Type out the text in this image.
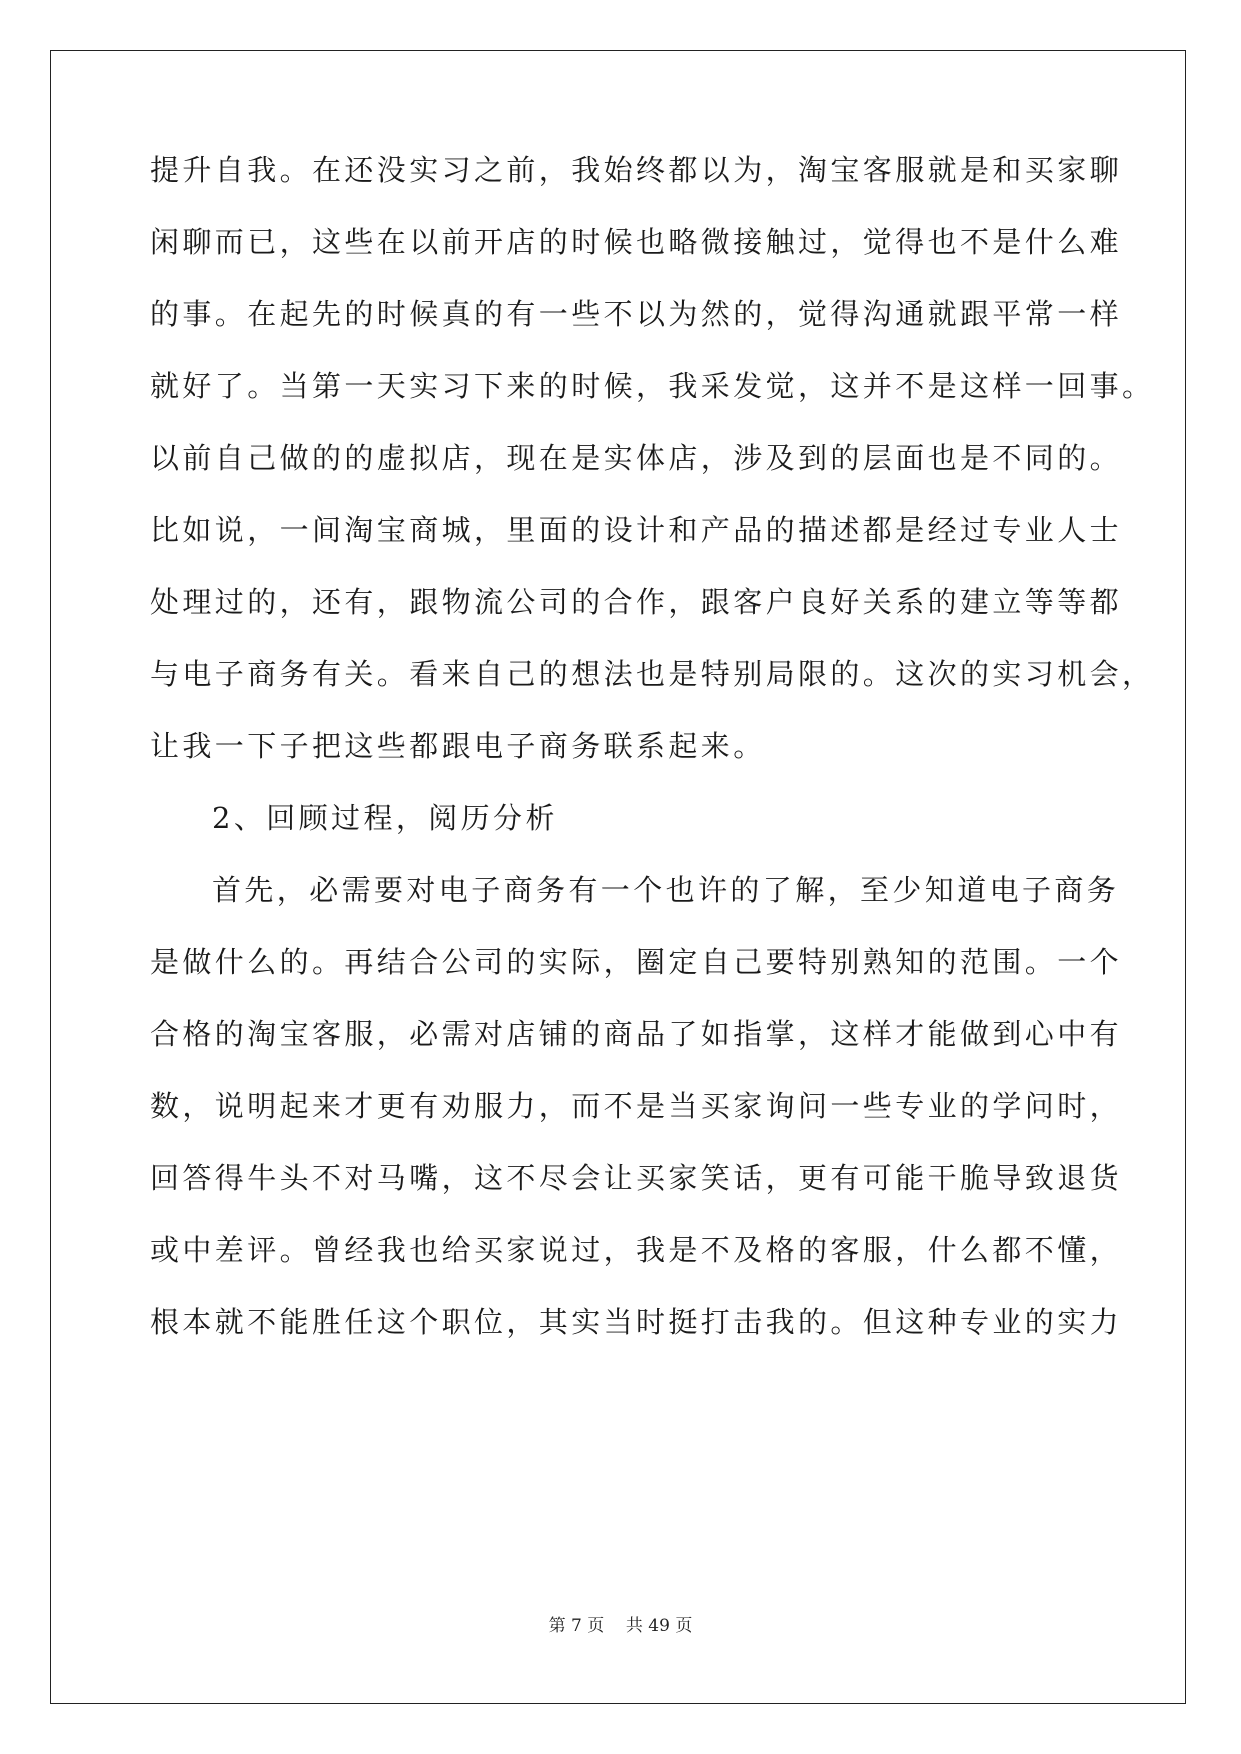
提升自我。在还没实习之前，我始终都以为，淘宝客服就是和买家聊
闲聊而已，这些在以前开店的时候也略微接触过，觉得也不是什么难
的事。在起先的时候真的有一些不以为然的，觉得沟通就跟平常一样
就好了。当第一天实习下来的时候，我采发觉，这并不是这样一回事。
以前自己做的的虚拟店，现在是实体店，涉及到的层面也是不同的。
比如说，一间淘宝商城，里面的设计和产品的描述都是经过专业人士
处理过的，还有，跟物流公司的合作，跟客户良好关系的建立等等都
与电子商务有关。看来自己的想法也是特别局限的。这次的实习机会，
让我一下子把这些都跟电子商务联系起来。
2、回顾过程，阅历分析
首先，必需要对电子商务有一个也许的了解，至少知道电子商务
是做什么的。再结合公司的实际，圈定自己要特别熟知的范围。一个
合格的淘宝客服，必需对店铺的商品了如指掌，这样才能做到心中有
数，说明起来才更有劝服力，而不是当买家询问一些专业的学问时，
回答得牛头不对马嘴，这不尽会让买家笑话，更有可能干脆导致退货
或中差评。曾经我也给买家说过，我是不及格的客服，什么都不懂，
根本就不能胜任这个职位，其实当时挺打击我的。但这种专业的实力
第 7 页    共 49 页
